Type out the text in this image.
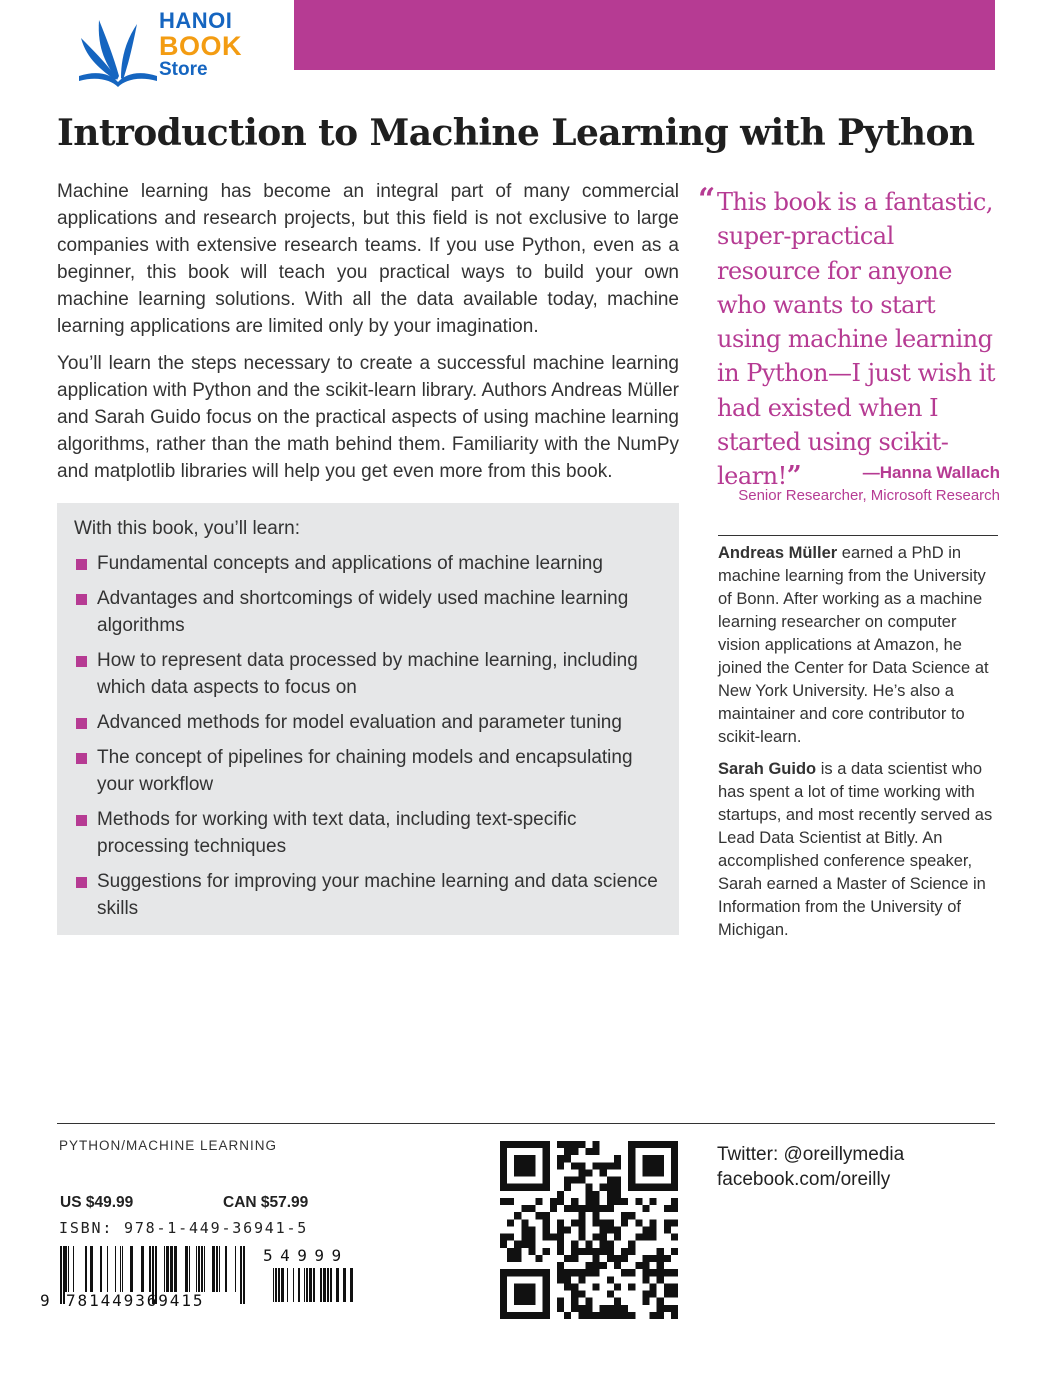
HANOI
BOOK
Store
Introduction to Machine Learning with Python

Machine learning has become an integral part of many commercial applications and research projects, but this field is not exclusive to large companies with extensive research teams. If you use Python, even as a beginner, this book will teach you practical ways to build your own machine learning solutions. With all the data available today, machine learning applications are limited only by your imagination.

You’ll learn the steps necessary to create a successful machine learning application with Python and the scikit-learn library. Authors Andreas Müller and Sarah Guido focus on the practical aspects of using machine learning algorithms, rather than the math behind them. Familiarity with the NumPy and matplotlib libraries will help you get even more from this book.

With this book, you’ll learn:
Fundamental concepts and applications of machine learning
Advantages and shortcomings of widely used machine learning algorithms
How to represent data processed by machine learning, including which data aspects to focus on
Advanced methods for model evaluation and parameter tuning
The concept of pipelines for chaining models and encapsulating your workflow
Methods for working with text data, including text-specific processing techniques
Suggestions for improving your machine learning and data science skills
“ This book is a fantastic, super-practical resource for anyone who wants to start using machine learning in Python—I just wish it had existed when I started using scikit-learn!”	—Hanna Wallach
Senior Researcher, Microsoft Research

Andreas Müller earned a PhD in machine learning from the University of Bonn. After working as a machine learning researcher on computer vision applications at Amazon, he joined the Center for Data Science at New York University. He’s also a maintainer and core contributor to scikit-learn.

Sarah Guido is a data scientist who has spent a lot of time working with startups, and most recently served as Lead Data Scientist at Bitly. An accomplished conference speaker, Sarah earned a Master of Science in Information from the University of Michigan.

PYTHON/MACHINE LEARNING
US $49.99	CAN $57.99
ISBN: 978-1-449-36941-5
9 781449369415
54999
Twitter: @oreillymedia
facebook.com/oreilly
